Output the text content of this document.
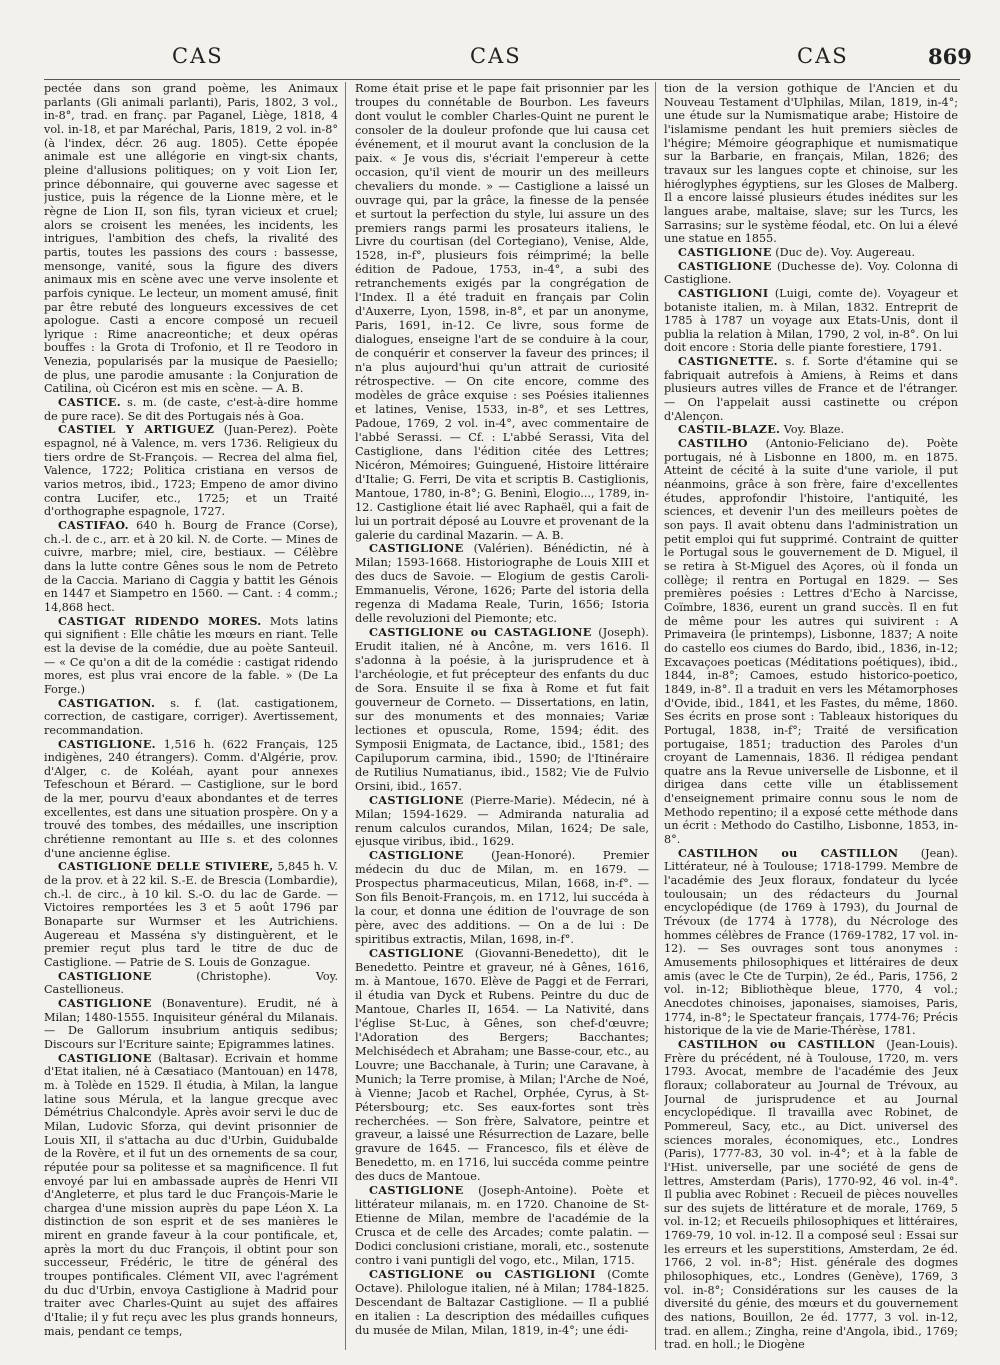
CAS	CAS	CAS	869

pectée dans son grand poème, les Animaux parlants (Gli animali parlanti), Paris, 1802, 3 vol., in-8°, trad. en franç. par Paganel, Liège, 1818, 4 vol. in-18, et par Maréchal, Paris, 1819, 2 vol. in-8° (à l'index, décr. 26 aug. 1805). Cette épopée animale est une allégorie en vingt-six chants, pleine d'allusions politiques; on y voit Lion Ier, prince débonnaire, qui gouverne avec sagesse et justice, puis la régence de la Lionne mère, et le règne de Lion II, son fils, tyran vicieux et cruel; alors se croisent les menées, les incidents, les intrigues, l'ambition des chefs, la rivalité des partis, toutes les passions des cours : bassesse, mensonge, vanité, sous la figure des divers animaux mis en scène avec une verve insolente et parfois cynique. Le lecteur, un moment amusé, finit par être rebuté des longueurs excessives de cet apologue. Casti a encore composé un recueil lyrique : Rime anacreontiche; et deux opéras bouffes : la Grota di Trofonio, et Il re Teodoro in Venezia, popularisés par la musique de Paesiello; de plus, une parodie amusante : la Conjuration de Catilina, où Cicéron est mis en scène. — A. B.

CASTICE. s. m. (de caste, c'est-à-dire homme de pure race). Se dit des Portugais nés à Goa.

CASTIEL Y ARTIGUEZ (Juan-Perez). Poète espagnol, né à Valence, m. vers 1736. Religieux du tiers ordre de St-François. — Recrea del alma fiel, Valence, 1722; Politica cristiana en versos de varios metros, ibid., 1723; Empeno de amor divino contra Lucifer, etc., 1725; et un Traité d'orthographe espagnole, 1727.

CASTIFAO. 640 h. Bourg de France (Corse), ch.-l. de c., arr. et à 20 kil. N. de Corte. — Mines de cuivre, marbre; miel, cire, bestiaux. — Célèbre dans la lutte contre Gênes sous le nom de Petreto de la Caccia. Mariano di Caggia y battit les Génois en 1447 et Siampetro en 1560. — Cant. : 4 comm.; 14,868 hect.

CASTIGAT RIDENDO MORES. Mots latins qui signifient : Elle châtie les mœurs en riant. Telle est la devise de la comédie, due au poète Santeuil. — « Ce qu'on a dit de la comédie : castigat ridendo mores, est plus vrai encore de la fable. » (De La Forge.)

CASTIGATION. s. f. (lat. castigationem, correction, de castigare, corriger). Avertissement, recommandation.

CASTIGLIONE. 1,516 h. (622 Français, 125 indigènes, 240 étrangers). Comm. d'Algérie, prov. d'Alger, c. de Koléah, ayant pour annexes Tefeschoun et Bérard. — Castiglione, sur le bord de la mer, pourvu d'eaux abondantes et de terres excellentes, est dans une situation prospère. On y a trouvé des tombes, des médailles, une inscription chrétienne remontant au IIIe s. et des colonnes d'une ancienne église.

CASTIGLIONE DELLE STIVIERE, 5,845 h. V. de la prov. et à 22 kil. S.-E. de Brescia (Lombardie), ch.-l. de circ., à 10 kil. S.-O. du lac de Garde. — Victoires remportées les 3 et 5 août 1796 par Bonaparte sur Wurmser et les Autrichiens. Augereau et Masséna s'y distinguèrent, et le premier reçut plus tard le titre de duc de Castiglione. — Patrie de S. Louis de Gonzague.

CASTIGLIONE	(Christophe). Voy. Castellioneus.

CASTIGLIONE (Bonaventure). Erudit, né à Milan; 1480-1555. Inquisiteur général du Milanais. — De Gallorum insubrium antiquis sedibus; Discours sur l'Ecriture sainte; Epigrammes latines.

CASTIGLIONE (Baltasar). Ecrivain et homme d'Etat italien, né à Cæsatiaco (Mantouan) en 1478, m. à Tolède en 1529. Il étudia, à Milan, la langue latine sous Mérula, et la langue grecque avec Démétrius Chalcondyle. Après avoir servi le duc de Milan, Ludovic Sforza, qui devint prisonnier de Louis XII, il s'attacha au duc d'Urbin, Guidubalde de la Rovère, et il fut un des ornements de sa cour, réputée pour sa politesse et sa magnificence. Il fut envoyé par lui en ambassade auprès de Henri VII d'Angleterre, et plus tard le duc François-Marie le chargea d'une mission auprès du pape Léon X. La distinction de son esprit et de ses manières le mirent en grande faveur à la cour pontificale, et, après la mort du duc François, il obtint pour son successeur, Frédéric, le titre de général des troupes pontificales. Clément VII, avec l'agrément du duc d'Urbin, envoya Castiglione à Madrid pour traiter avec Charles-Quint au sujet des affaires d'Italie; il y fut reçu avec les plus grands honneurs, mais, pendant ce temps,

Rome était prise et le pape fait prisonnier par les troupes du connétable de Bourbon. Les faveurs dont voulut le combler Charles-Quint ne purent le consoler de la douleur profonde que lui causa cet événement, et il mourut avant la conclusion de la paix. « Je vous dis, s'écriait l'empereur à cette occasion, qu'il vient de mourir un des meilleurs chevaliers du monde. » — Castiglione a laissé un ouvrage qui, par la grâce, la finesse de la pensée et surtout la perfection du style, lui assure un des premiers rangs parmi les prosateurs italiens, le Livre du courtisan (del Cortegiano), Venise, Alde, 1528, in-f°, plusieurs fois réimprimé; la belle édition de Padoue, 1753, in-4°, a subi des retranchements exigés par la congrégation de l'Index. Il a été traduit en français par Colin d'Auxerre, Lyon, 1598, in-8°, et par un anonyme, Paris, 1691, in-12. Ce livre, sous forme de dialogues, enseigne l'art de se conduire à la cour, de conquérir et conserver la faveur des princes; il n'a plus aujourd'hui qu'un attrait de curiosité rétrospective. — On cite encore, comme des modèles de grâce exquise : ses Poésies italiennes et latines, Venise, 1533, in-8°, et ses Lettres, Padoue, 1769, 2 vol. in-4°, avec commentaire de l'abbé Serassi. — Cf. : L'abbé Serassi, Vita del Castiglione, dans l'édition citée des Lettres; Nicéron, Mémoires; Guinguené, Histoire littéraire d'Italie; G. Ferri, De vita et scriptis B. Castiglionis, Mantoue, 1780, in-8°; G. Beninì, Elogio..., 1789, in-12. Castiglione était lié avec Raphaël, qui a fait de lui un portrait déposé au Louvre et provenant de la galerie du cardinal Mazarin. — A. B.

CASTIGLIONE (Valérien). Bénédictin, né à Milan; 1593-1668. Historiographe de Louis XIII et des ducs de Savoie. — Elogium de gestis Caroli-Emmanuelis, Vérone, 1626; Parte del istoria della regenza di Madama Reale, Turin, 1656; Istoria delle revoluzioni del Piemonte; etc.

CASTIGLIONE ou CASTAGLIONE (Joseph). Erudit italien, né à Ancône, m. vers 1616. Il s'adonna à la poésie, à la jurisprudence et à l'archéologie, et fut précepteur des enfants du duc de Sora. Ensuite il se fixa à Rome et fut fait gouverneur de Corneto. — Dissertations, en latin, sur des monuments et des monnaies; Variæ lectiones et opuscula, Rome, 1594; édit. des Symposii Enigmata, de Lactance, ibid., 1581; des Capiluporum carmina, ibid., 1590; de l'Itinéraire de Rutilius Numatianus, ibid., 1582; Vie de Fulvio Orsini, ibid., 1657.

CASTIGLIONE (Pierre-Marie). Médecin, né à Milan; 1594-1629. — Admiranda naturalia ad renum calculos curandos, Milan, 1624; De sale, ejusque viribus, ibid., 1629.

CASTIGLIONE (Jean-Honoré). Premier médecin du duc de Milan, m. en 1679. — Prospectus pharmaceuticus, Milan, 1668, in-f°. — Son fils Benoit-François, m. en 1712, lui succéda à la cour, et donna une édition de l'ouvrage de son père, avec des additions. — On a de lui : De spiritibus extractis, Milan, 1698, in-f°.

CASTIGLIONE (Giovanni-Benedetto), dit le Benedetto. Peintre et graveur, né à Gênes, 1616, m. à Mantoue, 1670. Elève de Paggi et de Ferrari, il étudia van Dyck et Rubens. Peintre du duc de Mantoue, Charles II, 1654. — La Nativité, dans l'église St-Luc, à Gênes, son chef-d'œuvre; l'Adoration des Bergers; Bacchantes; Melchisédech et Abraham; une Basse-cour, etc., au Louvre; une Bacchanale, à Turin; une Caravane, à Munich; la Terre promise, à Milan; l'Arche de Noé, à Vienne; Jacob et Rachel, Orphée, Cyrus, à St-Pétersbourg; etc. Ses eaux-fortes sont très recherchées. — Son frère, Salvatore, peintre et graveur, a laissé une Résurrection de Lazare, belle gravure de 1645. — Francesco, fils et élève de Benedetto, m. en 1716, lui succéda comme peintre des ducs de Mantoue.

CASTIGLIONE (Joseph-Antoine). Poète et littérateur milanais, m. en 1720. Chanoine de St-Etienne de Milan, membre de l'académie de la Crusca et de celle des Arcades; comte palatin. — Dodici conclusioni cristiane, morali, etc., sostenute contro i vani puntigli del vogo, etc., Milan, 1715.

CASTIGLIONE ou CASTIGLIONI (Comte Octave). Philologue italien, né à Milan; 1784-1825. Descendant de Baltazar Castiglione. — Il a publié en italien : La description des médailles cufiques du musée de Milan, Milan, 1819, in-4°; une édi-

tion de la version gothique de l'Ancien et du Nouveau Testament d'Ulphilas, Milan, 1819, in-4°; une étude sur la Numismatique arabe; Histoire de l'islamisme pendant les huit premiers siècles de l'hégire; Mémoire géographique et numismatique sur la Barbarie, en français, Milan, 1826; des travaux sur les langues copte et chinoise, sur les hiéroglyphes égyptiens, sur les Gloses de Malberg. Il a encore laissé plusieurs études inédites sur les langues arabe, maltaise, slave; sur les Turcs, les Sarrasins; sur le système féodal, etc. On lui a élevé une statue en 1855.

CASTIGLIONE (Duc de). Voy. Augereau.

CASTIGLIONE (Duchesse de). Voy. Colonna di Castiglione.

CASTIGLIONI (Luigi, comte de). Voyageur et botaniste italien, m. à Milan, 1832. Entreprit de 1785 à 1787 un voyage aux Etats-Unis, dont il publia la relation à Milan, 1790, 2 vol, in-8°. On lui doit encore : Storia delle piante forestiere, 1791.

CASTIGNETTE. s. f. Sorte d'étamine qui se fabriquait autrefois à Amiens, à Reims et dans plusieurs autres villes de France et de l'étranger. — On l'appelait aussi castinette ou crépon d'Alençon.

CASTIL-BLAZE. Voy. Blaze.

CASTILHO (Antonio-Feliciano de). Poète portugais, né à Lisbonne en 1800, m. en 1875. Atteint de cécité à la suite d'une variole, il put néanmoins, grâce à son frère, faire d'excellentes études, approfondir l'histoire, l'antiquité, les sciences, et devenir l'un des meilleurs poètes de son pays. Il avait obtenu dans l'administration un petit emploi qui fut supprimé. Contraint de quitter le Portugal sous le gouvernement de D. Miguel, il se retira à St-Miguel des Açores, où il fonda un collège; il rentra en Portugal en 1829. — Ses premières poésies : Lettres d'Echo à Narcisse, Coïmbre, 1836, eurent un grand succès. Il en fut de même pour les autres qui suivirent : A Primaveira (le printemps), Lisbonne, 1837; A noite do castello eos ciumes do Bardo, ibid., 1836, in-12; Excavaçoes poeticas (Méditations poétiques), ibid., 1844, in-8°; Camoes, estudo historico-poetico, 1849, in-8°. Il a traduit en vers les Métamorphoses d'Ovide, ibid., 1841, et les Fastes, du même, 1860. Ses écrits en prose sont : Tableaux historiques du Portugal, 1838, in-f°; Traité de versification portugaise, 1851; traduction des Paroles d'un croyant de Lamennais, 1836. Il rédigea pendant quatre ans la Revue universelle de Lisbonne, et il dirigea dans cette ville un établissement d'enseignement primaire connu sous le nom de Methodo repentino; il a exposé cette méthode dans un écrit : Methodo do Castilho, Lisbonne, 1853, in-8°.

CASTILHON ou CASTILLON (Jean). Littérateur, né à Toulouse; 1718-1799. Membre de l'académie des Jeux floraux, fondateur du lycée toulousain; un des rédacteurs du Journal encyclopédique (de 1769 à 1793), du Journal de Trévoux (de 1774 à 1778), du Nécrologe des hommes célèbres de France (1769-1782, 17 vol. in-12). — Ses ouvrages sont tous anonymes : Amusements philosophiques et littéraires de deux amis (avec le Cte de Turpin), 2e éd., Paris, 1756, 2 vol. in-12; Bibliothèque bleue, 1770, 4 vol.; Anecdotes chinoises, japonaises, siamoises, Paris, 1774, in-8°; le Spectateur français, 1774-76; Précis historique de la vie de Marie-Thérèse, 1781.

CASTILHON ou CASTILLON (Jean-Louis). Frère du précédent, né à Toulouse, 1720, m. vers 1793. Avocat, membre de l'académie des Jeux floraux; collaborateur au Journal de Trévoux, au Journal de jurisprudence et au Journal encyclopédique. Il travailla avec Robinet, de Pommereul, Sacy, etc., au Dict. universel des sciences morales, économiques, etc., Londres (Paris), 1777-83, 30 vol. in-4°; et à la fable de l'Hist. universelle, par une société de gens de lettres, Amsterdam (Paris), 1770-92, 46 vol. in-4°. Il publia avec Robinet : Recueil de pièces nouvelles sur des sujets de littérature et de morale, 1769, 5 vol. in-12; et Recueils philosophiques et littéraires, 1769-79, 10 vol. in-12. Il a composé seul : Essai sur les erreurs et les superstitions, Amsterdam, 2e éd. 1766, 2 vol. in-8°; Hist. générale des dogmes philosophiques, etc., Londres (Genève), 1769, 3 vol. in-8°; Considérations sur les causes de la diversité du génie, des mœurs et du gouvernement des nations, Bouillon, 2e éd. 1777, 3 vol. in-12, trad. en allem.; Zingha, reine d'Angola, ibid., 1769; trad. en holl.; le Diogène
